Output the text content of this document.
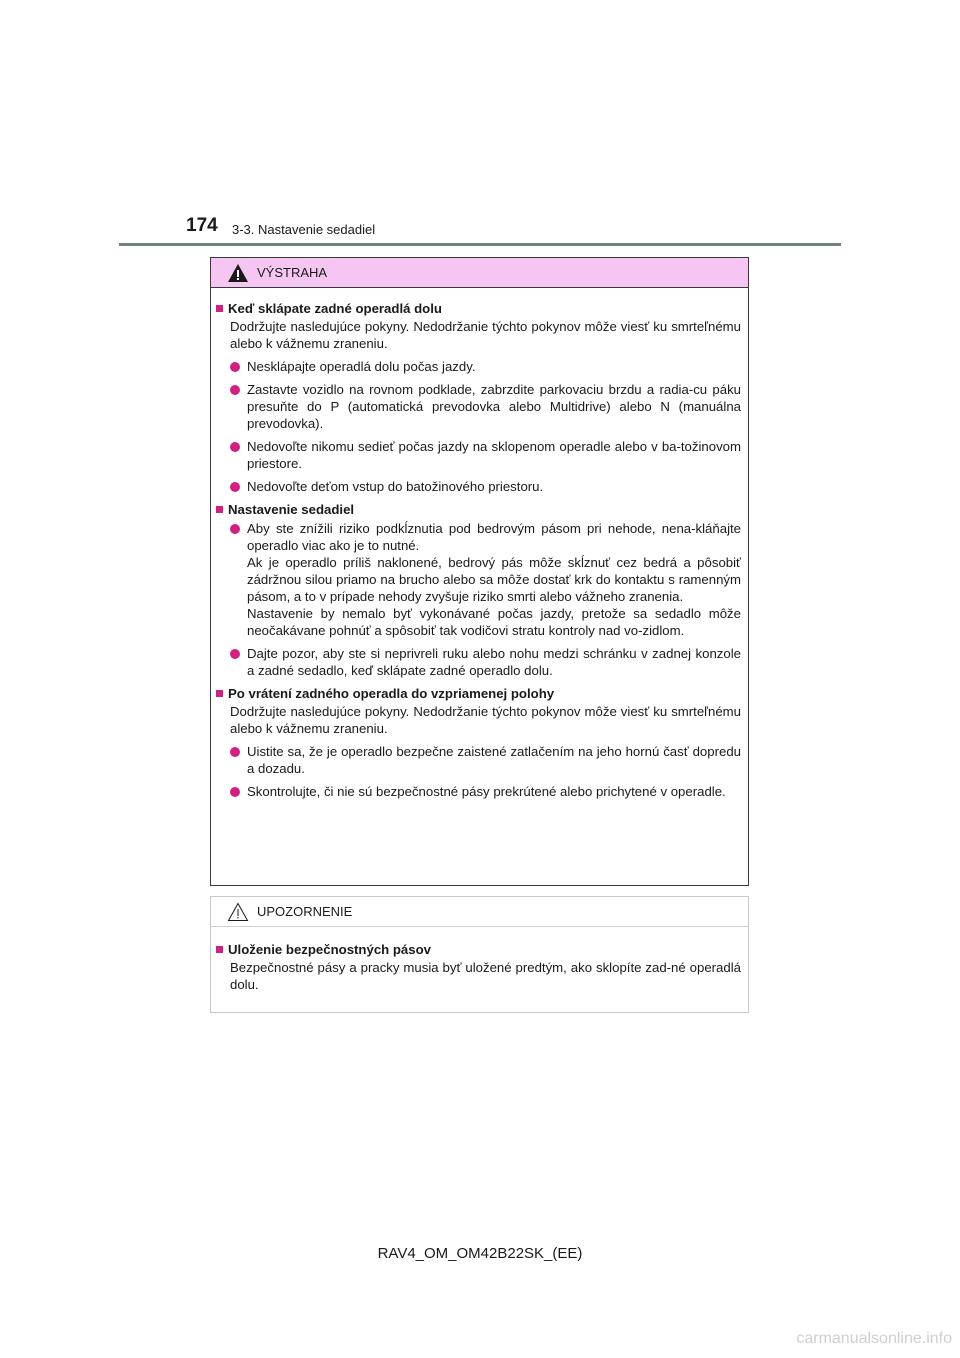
174 3-3. Nastavenie sedadiel
VÝSTRAHA
Keď sklápate zadné operadlá dolu
Dodržujte nasledujúce pokyny. Nedodržanie týchto pokynov môže viesť ku smrteľnému alebo k vážnemu zraneniu.
Nesklápajte operadlá dolu počas jazdy.
Zastavte vozidlo na rovnom podklade, zabrzdite parkovaciu brzdu a radia-cu páku presuňte do P (automatická prevodovka alebo Multidrive) alebo N (manuálna prevodovka).
Nedovoľte nikomu sedieť počas jazdy na sklopenom operadle alebo v ba-tožinovom priestore.
Nedovoľte deťom vstup do batožinového priestoru.
Nastavenie sedadiel
Aby ste znížili riziko podkĺznutia pod bedrovým pásom pri nehode, nena-kláňajte operadlo viac ako je to nutné.
Ak je operadlo príliš naklonené, bedrový pás môže skĺznuť cez bedrá a pôsobiť zádržnou silou priamo na brucho alebo sa môže dostať krk do kontaktu s ramenným pásom, a to v prípade nehody zvyšuje riziko smrti alebo vážneho zranenia.
Nastavenie by nemalo byť vykonávané počas jazdy, pretože sa sedadlo môže neočakávane pohnúť a spôsobiť tak vodičovi stratu kontroly nad vo-zidlom.
Dajte pozor, aby ste si neprivreli ruku alebo nohu medzi schránku v zadnej konzole a zadné sedadlo, keď sklápate zadné operadlo dolu.
Po vrátení zadného operadla do vzpriamenej polohy
Dodržujte nasledujúce pokyny. Nedodržanie týchto pokynov môže viesť ku smrteľnému alebo k vážnemu zraneniu.
Uistite sa, že je operadlo bezpečne zaistené zatlačením na jeho hornú časť dopredu a dozadu.
Skontrolujte, či nie sú bezpečnostné pásy prekrútené alebo prichytené v operadle.
UPOZORNENIE
Uloženie bezpečnostných pásov
Bezpečnostné pásy a pracky musia byť uložené predtým, ako sklopíte zad-né operadlá dolu.
RAV4_OM_OM42B22SK_(EE)
carmanualsonline.info
